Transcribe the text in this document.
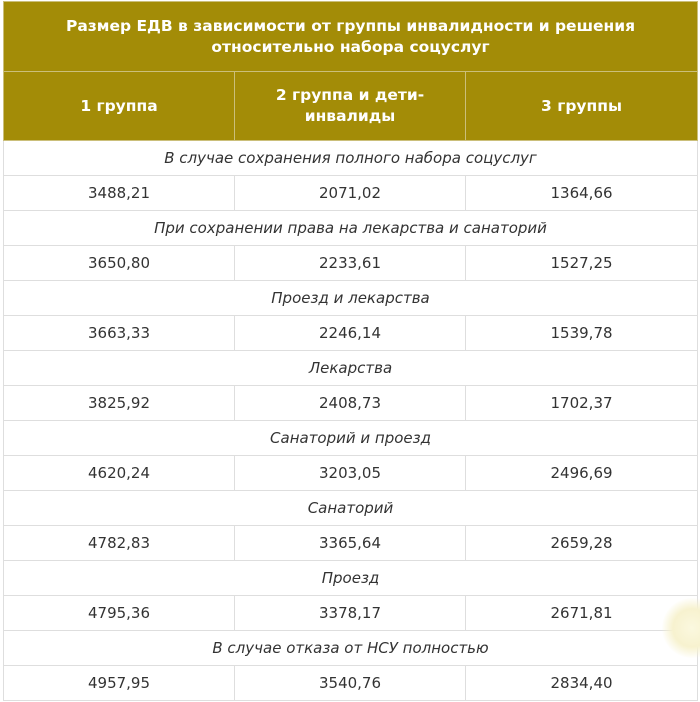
Размер ЕДВ в зависимости от группы инвалидности и решения относительно набора соцуслуг		
1 группа	2 группа и дети-инвалиды	3 группы
В случае сохранения полного набора соцуслуг		
3488,21	2071,02	1364,66
При сохранении права на лекарства и санаторий		
3650,80	2233,61	1527,25
Проезд и лекарства		
3663,33	2246,14	1539,78
Лекарства		
3825,92	2408,73	1702,37
Санаторий и проезд		
4620,24	3203,05	2496,69
Санаторий		
4782,83	3365,64	2659,28
Проезд		
4795,36	3378,17	2671,81
В случае отказа от НСУ полностью		
4957,95	3540,76	2834,40
